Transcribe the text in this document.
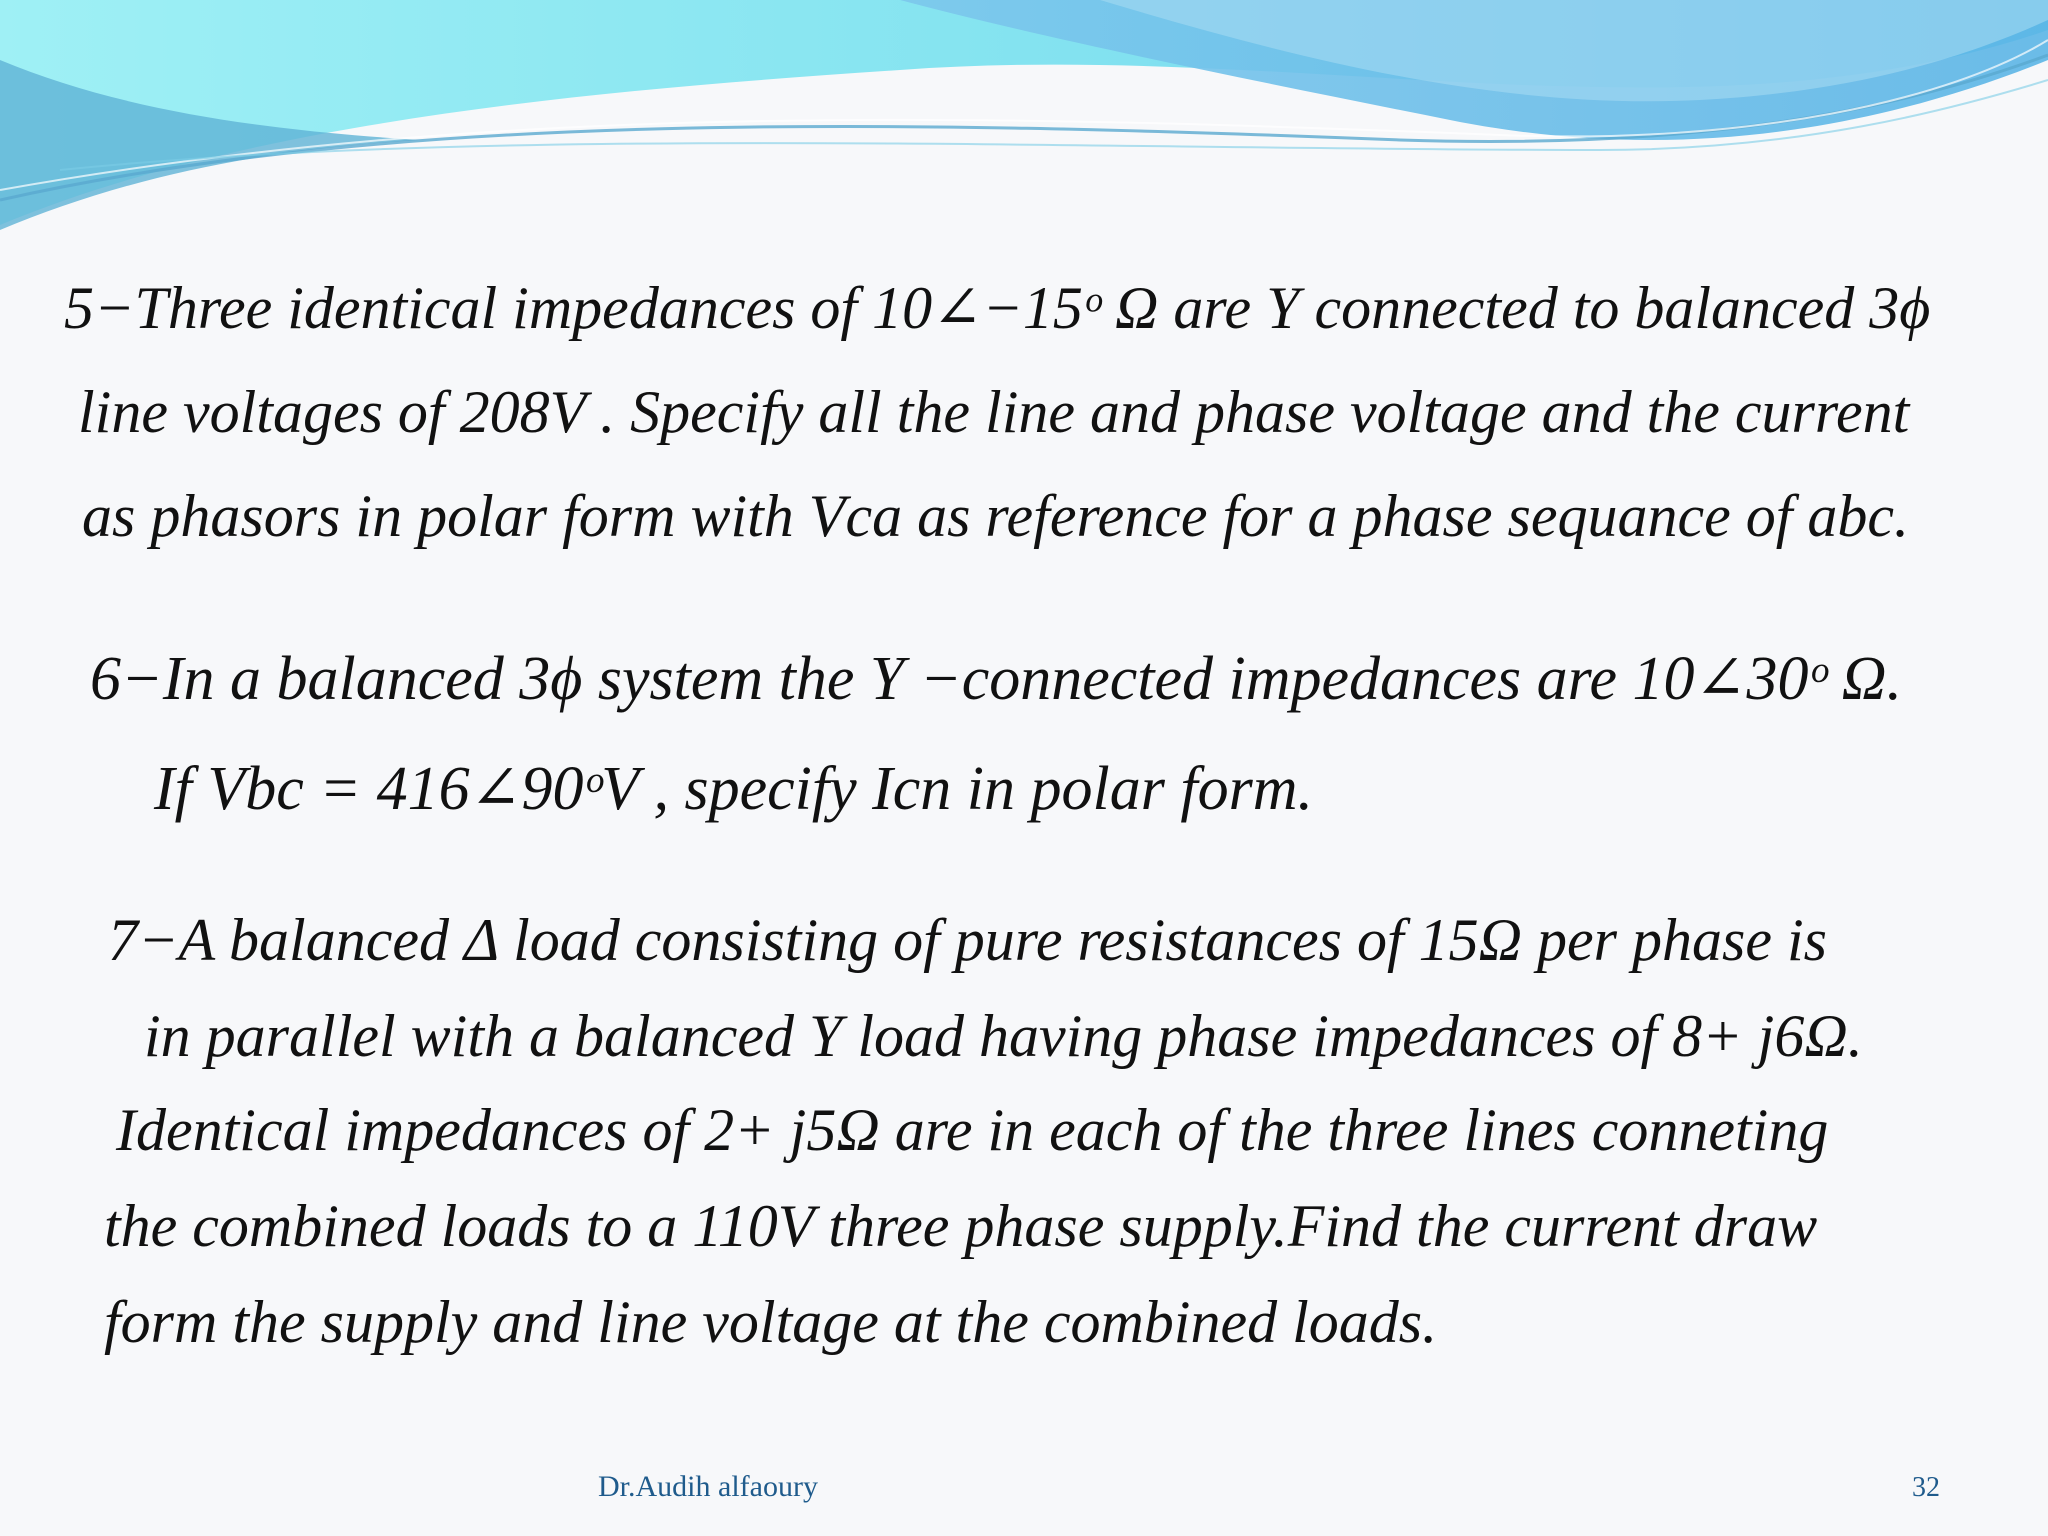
5−Three identical impedances of 10∠−15ᵒ Ω are Y connected to balanced 3ϕ
line voltages of 208V . Specify all the line and phase voltage and the current
as phasors in polar form with Vca as reference for a phase sequance of abc.
6−In a balanced 3ϕ system the Y −connected impedances are 10∠30ᵒ Ω.
If Vbc = 416∠90ᵒV , specify Icn in polar form.
7−A balanced Δ load consisting of pure resistances of 15Ω per phase is
in parallel with a balanced Y load having phase impedances of 8+ j6Ω.
Identical impedances of 2+ j5Ω are in each of the three lines conneting
the combined loads to a 110V three phase supply.Find the current draw
form the supply and line voltage at the combined loads.
Dr.Audih alfaoury	32
